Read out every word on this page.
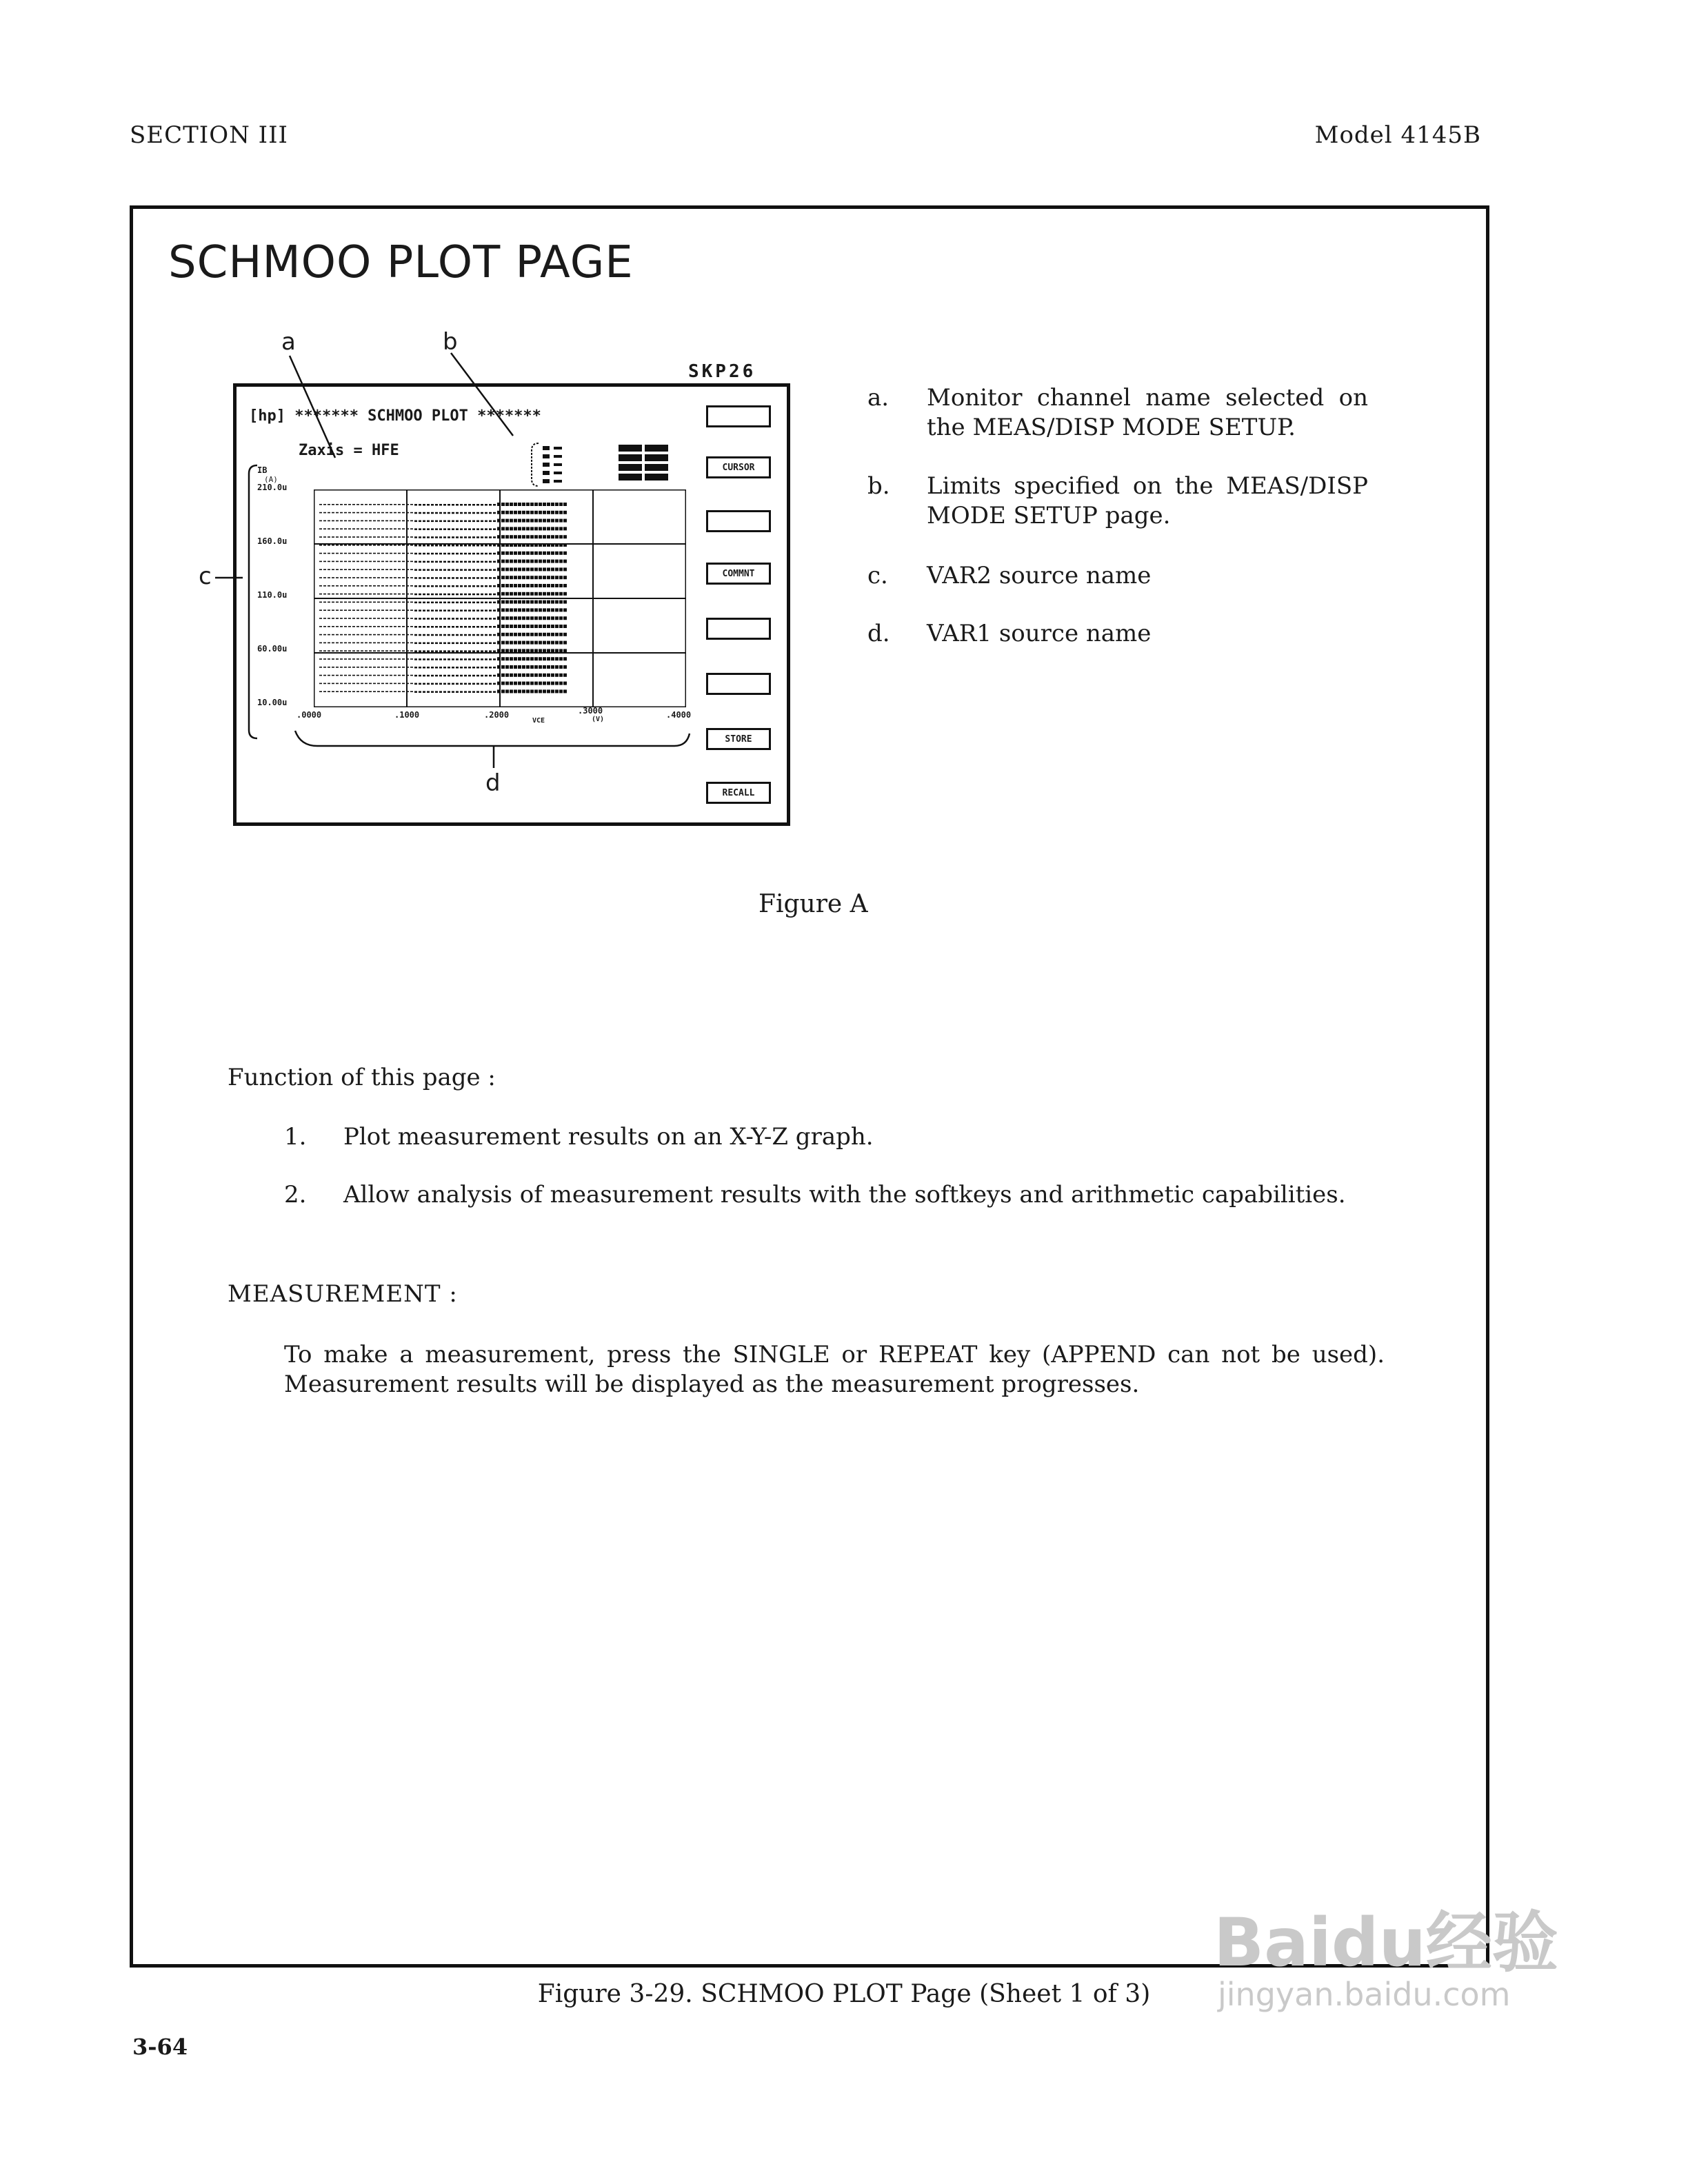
SECTION III	Model 4145B
SCHMOO PLOT PAGE
SKP26
[hp] ******* SCHMOO PLOT *******
Zaxis = HFE
IB
(A)
210.0u
160.0u
110.0u
60.00u
10.00u
.0000	.1000	.2000	.3000	.4000
VCE	(V)
a	b
c
d
CURSOR
COMMNT
STORE
RECALL
a. Monitor channel name selected on the MEAS/DISP MODE SETUP.
b. Limits specified on the MEAS/DISP MODE SETUP page.
c. VAR2 source name
d. VAR1 source name
Figure A
Function of this page :
1. Plot measurement results on an X-Y-Z graph.
2. Allow analysis of measurement results with the softkeys and arithmetic capabilities.
MEASUREMENT :
To make a measurement, press the SINGLE or REPEAT key (APPEND can not be used). Measurement results will be displayed as the measurement progresses.
Figure 3-29. SCHMOO PLOT Page (Sheet 1 of 3)
3-64
Baidu经验
jingyan.baidu.com
